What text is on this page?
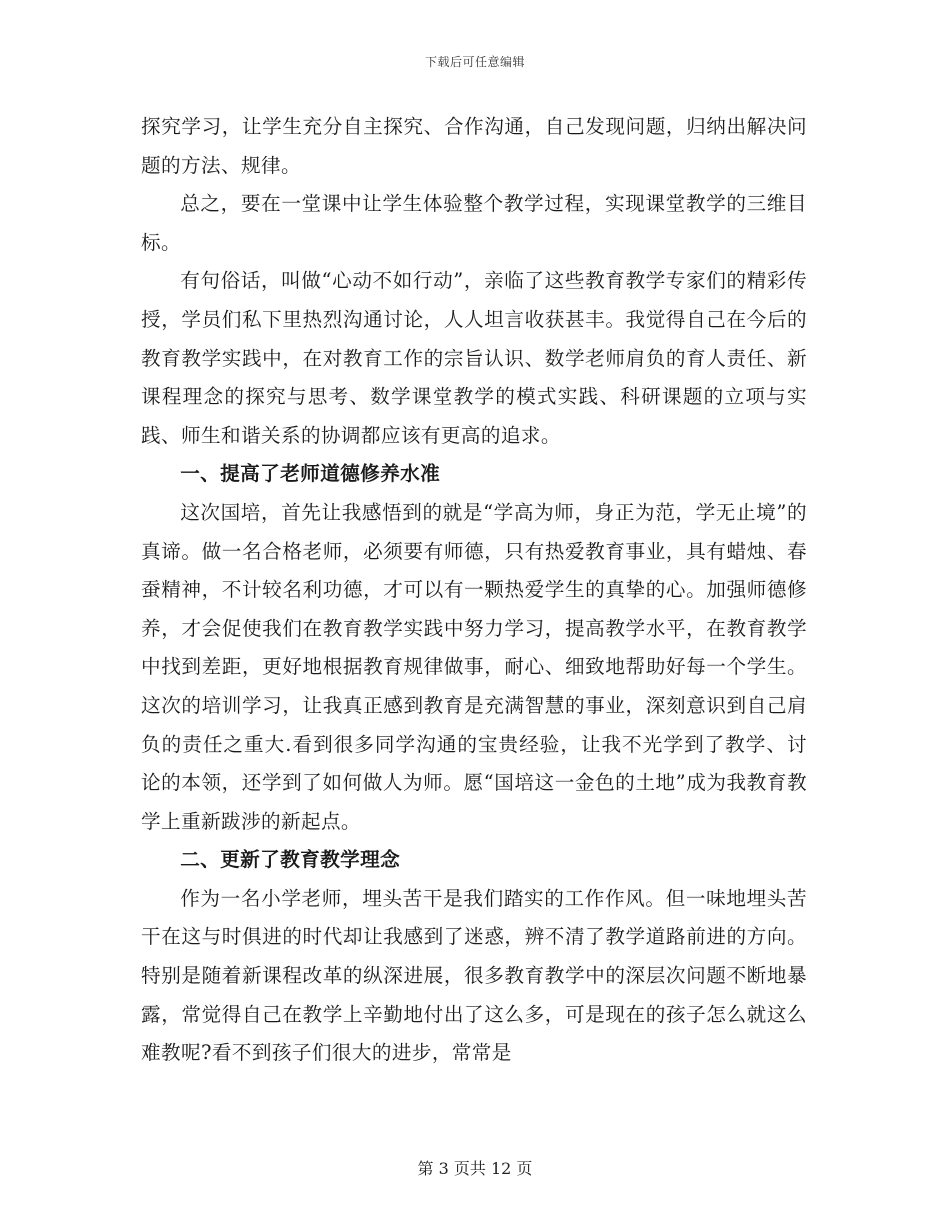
下载后可任意编辑

探究学习，让学生充分自主探究、合作沟通，自己发现问题，归纳出解决问题的方法、规律。

总之，要在一堂课中让学生体验整个教学过程，实现课堂教学的三维目标。

有句俗话，叫做“心动不如行动”，亲临了这些教育教学专家们的精彩传授，学员们私下里热烈沟通讨论，人人坦言收获甚丰。我觉得自己在今后的教育教学实践中，在对教育工作的宗旨认识、数学老师肩负的育人责任、新课程理念的探究与思考、数学课堂教学的模式实践、科研课题的立项与实践、师生和谐关系的协调都应该有更高的追求。

一、提高了老师道德修养水准

这次国培，首先让我感悟到的就是“学高为师，身正为范，学无止境”的真谛。做一名合格老师，必须要有师德，只有热爱教育事业，具有蜡烛、春蚕精神，不计较名利功德，才可以有一颗热爱学生的真挚的心。加强师德修养，才会促使我们在教育教学实践中努力学习，提高教学水平，在教育教学中找到差距，更好地根据教育规律做事，耐心、细致地帮助好每一个学生。这次的培训学习，让我真正感到教育是充满智慧的事业，深刻意识到自己肩负的责任之重大.看到很多同学沟通的宝贵经验，让我不光学到了教学、讨论的本领，还学到了如何做人为师。愿“国培这一金色的土地”成为我教育教学上重新跋涉的新起点。

二、更新了教育教学理念

作为一名小学老师，埋头苦干是我们踏实的工作作风。但一味地埋头苦干在这与时俱进的时代却让我感到了迷惑，辨不清了教学道路前进的方向。特别是随着新课程改革的纵深进展，很多教育教学中的深层次问题不断地暴露，常觉得自己在教学上辛勤地付出了这么多，可是现在的孩子怎么就这么难教呢?看不到孩子们很大的进步，常常是

第 3 页共 12 页
